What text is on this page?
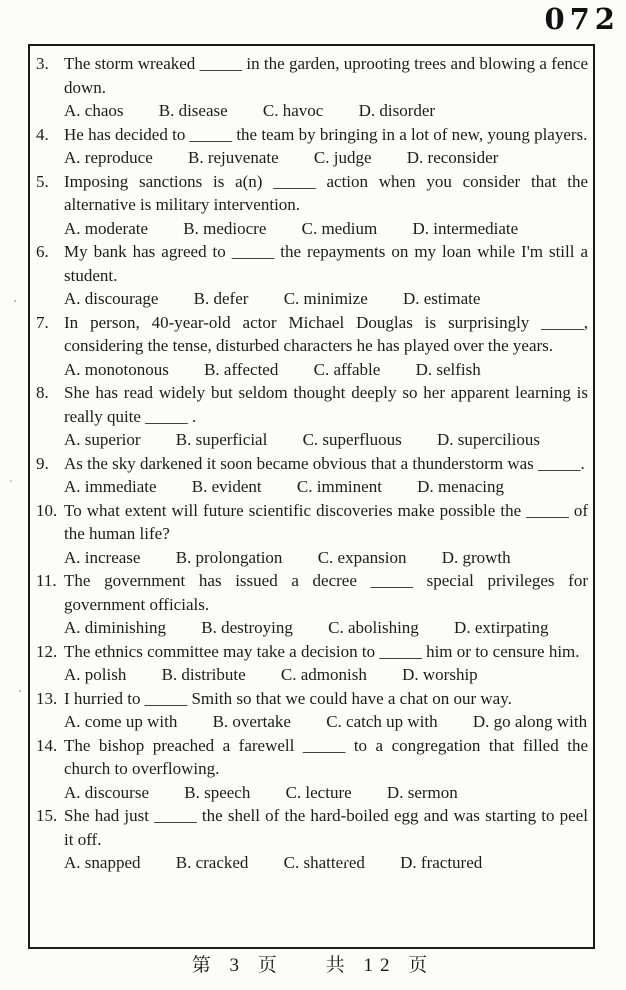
072
3. The storm wreaked _____ in the garden, uprooting trees and blowing a fence down.

A. chaos B. disease C. havoc D. disorder

4. He has decided to _____ the team by bringing in a lot of new, young players.

A. reproduce B. rejuvenate C. judge D. reconsider

5. Imposing sanctions is a(n) _____ action when you consider that the alternative is military intervention.

A. moderate B. mediocre C. medium D. intermediate

6. My bank has agreed to _____ the repayments on my loan while I'm still a student.

A. discourage B. defer C. minimize D. estimate

7. In person, 40-year-old actor Michael Douglas is surprisingly _____, considering the tense, disturbed characters he has played over the years.

A. monotonous B. affected C. affable D. selfish

8. She has read widely but seldom thought deeply so her apparent learning is really quite _____ .

A. superior B. superficial C. superfluous D. supercilious

9. As the sky darkened it soon became obvious that a thunderstorm was _____.

A. immediate B. evident C. imminent D. menacing

10. To what extent will future scientific discoveries make possible the _____ of the human life?

A. increase B. prolongation C. expansion D. growth

11. The government has issued a decree _____ special privileges for government officials.

A. diminishing B. destroying C. abolishing D. extirpating

12. The ethnics committee may take a decision to _____ him or to censure him.

A. polish B. distribute C. admonish D. worship

13. I hurried to _____ Smith so that we could have a chat on our way.

A. come up with B. overtake C. catch up with D. go along with

14. The bishop preached a farewell _____ to a congregation that filled the church to overflowing.

A. discourse B. speech C. lecture D. sermon

15. She had just _____ the shell of the hard-boiled egg and was starting to peel it off.

A. snapped B. cracked C. shattered D. fractured

第 3 页 共 12 页
